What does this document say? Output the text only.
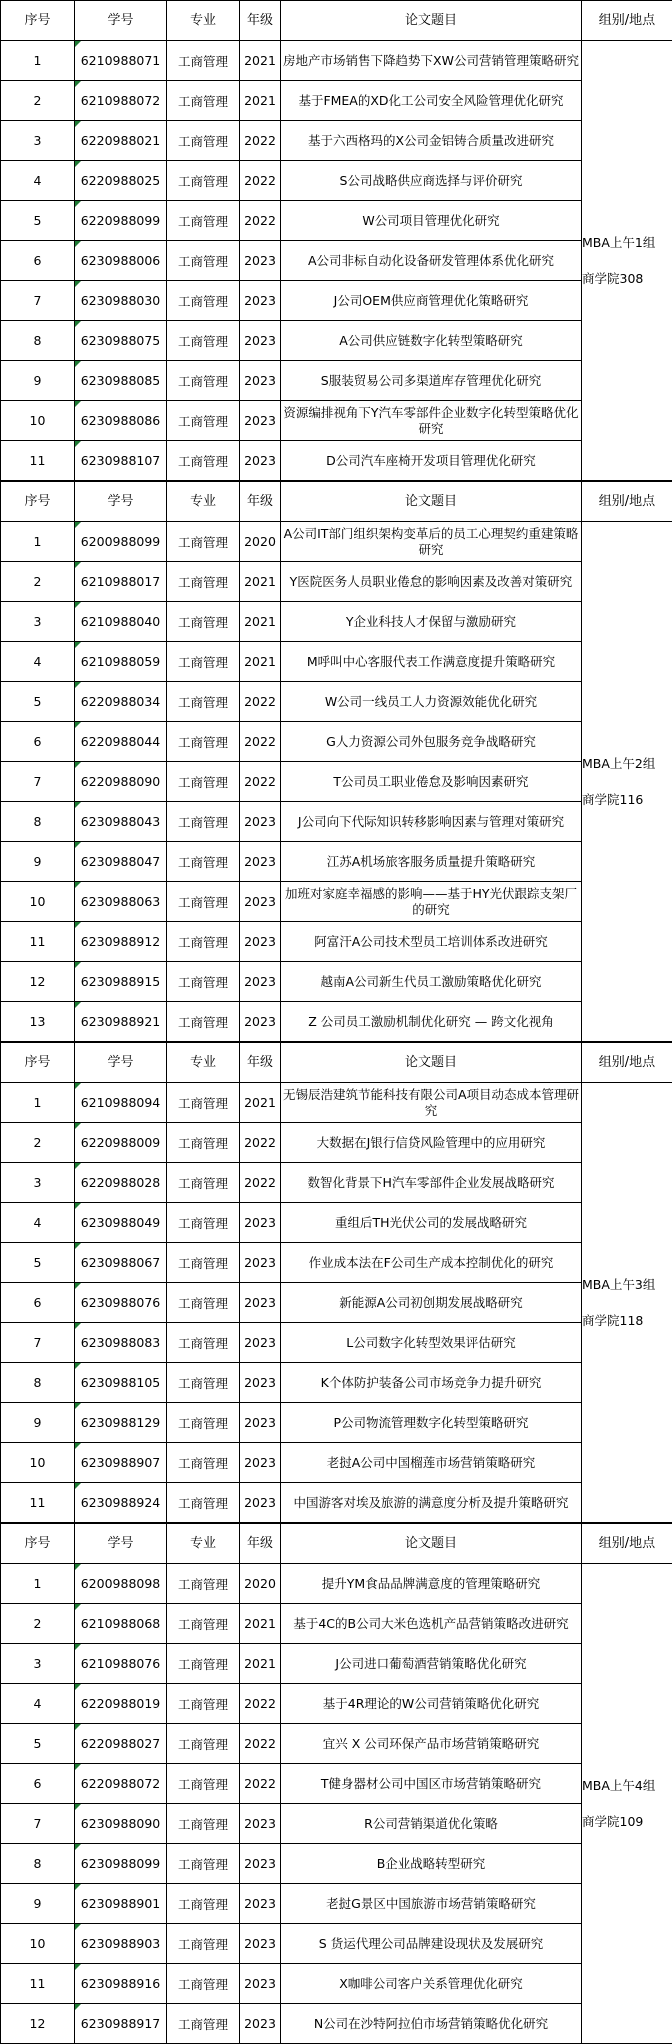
序号	学号	专业	年级	论文题目	组别/地点
1	6210988071	工商管理	2021	房地产市场销售下降趋势下XW公司营销管理策略研究	MBA上午1组
商学院308

2	6210988072	工商管理	2021	基于FMEA的XD化工公司安全风险管理优化研究	

3	6220988021	工商管理	2022	基于六西格玛的X公司金铝铸合质量改进研究	

4	6220988025	工商管理	2022	S公司战略供应商选择与评价研究	

5	6220988099	工商管理	2022	W公司项目管理优化研究	

6	6230988006	工商管理	2023	A公司非标自动化设备研发管理体系优化研究	

7	6230988030	工商管理	2023	J公司OEM供应商管理优化策略研究	

8	6230988075	工商管理	2023	A公司供应链数字化转型策略研究	

9	6230988085	工商管理	2023	S服装贸易公司多渠道库存管理优化研究	

10	6230988086	工商管理	2023	资源编排视角下Y汽车零部件企业数字化转型策略优化研究	

11	6230988107	工商管理	2023	D公司汽车座椅开发项目管理优化研究	
序号	学号	专业	年级	论文题目	组别/地点
1	6200988099	工商管理	2020	A公司IT部门组织架构变革后的员工心理契约重建策略研究	MBA上午2组
商学院116

2	6210988017	工商管理	2021	Y医院医务人员职业倦怠的影响因素及改善对策研究	

3	6210988040	工商管理	2021	Y企业科技人才保留与激励研究	

4	6210988059	工商管理	2021	M呼叫中心客服代表工作满意度提升策略研究	

5	6220988034	工商管理	2022	W公司一线员工人力资源效能优化研究	

6	6220988044	工商管理	2022	G人力资源公司外包服务竞争战略研究	

7	6220988090	工商管理	2022	T公司员工职业倦怠及影响因素研究	

8	6230988043	工商管理	2023	J公司向下代际知识转移影响因素与管理对策研究	

9	6230988047	工商管理	2023	江苏A机场旅客服务质量提升策略研究	

10	6230988063	工商管理	2023	加班对家庭幸福感的影响——基于HY光伏跟踪支架厂的研究	

11	6230988912	工商管理	2023	阿富汗A公司技术型员工培训体系改进研究	

12	6230988915	工商管理	2023	越南A公司新生代员工激励策略优化研究	

13	6230988921	工商管理	2023	Z 公司员工激励机制优化研究 — 跨文化视角	
序号	学号	专业	年级	论文题目	组别/地点
1	6210988094	工商管理	2021	无锡辰浩建筑节能科技有限公司A项目动态成本管理研究	MBA上午3组
商学院118

2	6220988009	工商管理	2022	大数据在J银行信贷风险管理中的应用研究	

3	6220988028	工商管理	2022	数智化背景下H汽车零部件企业发展战略研究	

4	6230988049	工商管理	2023	重组后TH光伏公司的发展战略研究	

5	6230988067	工商管理	2023	作业成本法在F公司生产成本控制优化的研究	

6	6230988076	工商管理	2023	新能源A公司初创期发展战略研究	

7	6230988083	工商管理	2023	L公司数字化转型效果评估研究	

8	6230988105	工商管理	2023	K个体防护装备公司市场竞争力提升研究	

9	6230988129	工商管理	2023	P公司物流管理数字化转型策略研究	

10	6230988907	工商管理	2023	老挝A公司中国榴莲市场营销策略研究	

11	6230988924	工商管理	2023	中国游客对埃及旅游的满意度分析及提升策略研究	
序号	学号	专业	年级	论文题目	组别/地点
1	6200988098	工商管理	2020	提升YM食品品牌满意度的管理策略研究	MBA上午4组
商学院109

2	6210988068	工商管理	2021	基于4C的B公司大米色选机产品营销策略改进研究	

3	6210988076	工商管理	2021	J公司进口葡萄酒营销策略优化研究	

4	6220988019	工商管理	2022	基于4R理论的W公司营销策略优化研究	

5	6220988027	工商管理	2022	宜兴 X 公司环保产品市场营销策略研究	

6	6220988072	工商管理	2022	T健身器材公司中国区市场营销策略研究	

7	6230988090	工商管理	2023	R公司营销渠道优化策略	

8	6230988099	工商管理	2023	B企业战略转型研究	

9	6230988901	工商管理	2023	老挝G景区中国旅游市场营销策略研究	

10	6230988903	工商管理	2023	S 货运代理公司品牌建设现状及发展研究	

11	6230988916	工商管理	2023	X咖啡公司客户关系管理优化研究	

12	6230988917	工商管理	2023	N公司在沙特阿拉伯市场营销策略优化研究	
